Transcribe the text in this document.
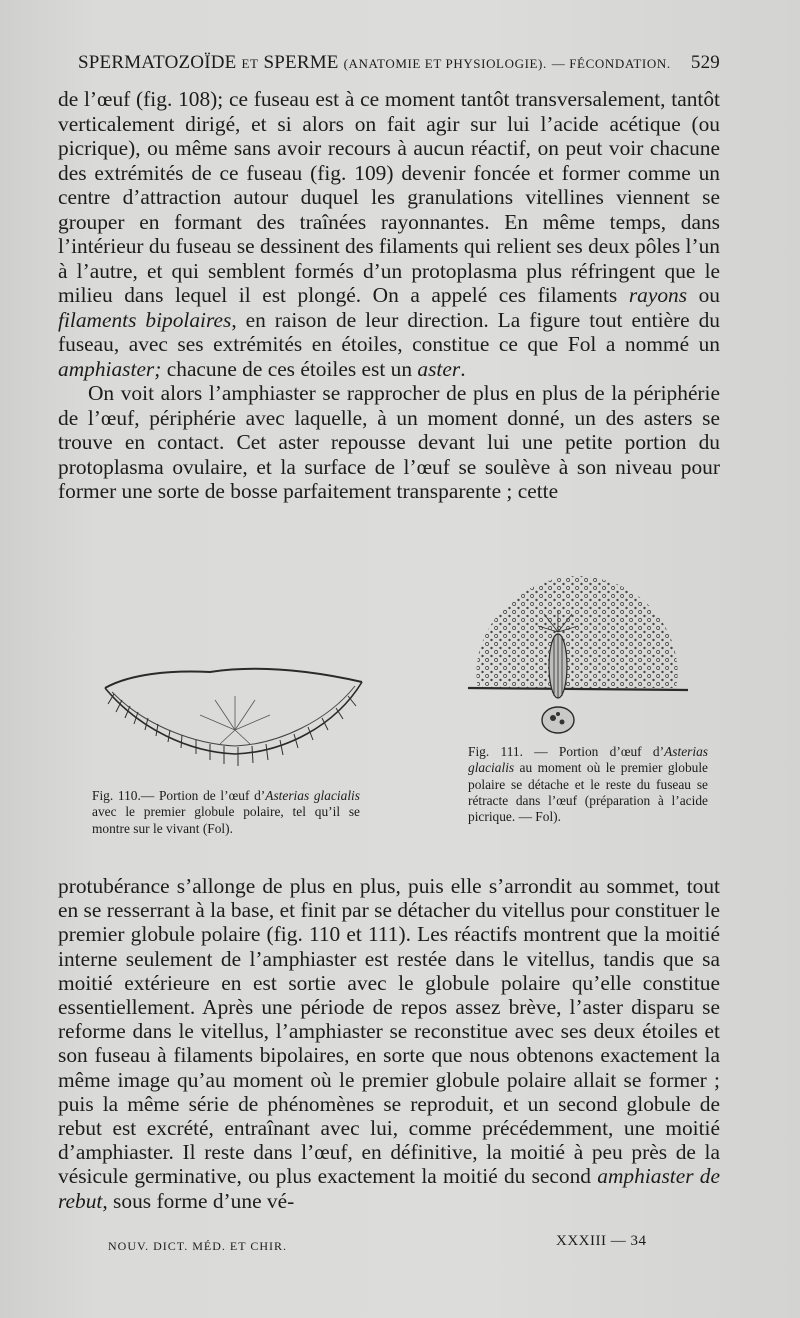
SPERMATOZOÏDE ET SPERME (ANATOMIE ET PHYSIOLOGIE). — FÉCONDATION. 529

de l’œuf (fig. 108); ce fuseau est à ce moment tantôt transversalement, tantôt verticalement dirigé, et si alors on fait agir sur lui l’acide acétique (ou picrique), ou même sans avoir recours à aucun réactif, on peut voir chacune des extrémités de ce fuseau (fig. 109) devenir foncée et former comme un centre d’attraction autour duquel les granulations vitellines viennent se grouper en formant des traînées rayonnantes. En même temps, dans l’intérieur du fuseau se dessinent des filaments qui relient ses deux pôles l’un à l’autre, et qui semblent formés d’un protoplasma plus réfringent que le milieu dans lequel il est plongé. On a appelé ces filaments rayons ou filaments bipolaires, en raison de leur direction. La figure tout entière du fuseau, avec ses extrémités en étoiles, constitue ce que Fol a nommé un amphiaster; chacune de ces étoiles est un aster.

On voit alors l’amphiaster se rapprocher de plus en plus de la périphérie de l’œuf, périphérie avec laquelle, à un moment donné, un des asters se trouve en contact. Cet aster repousse devant lui une petite portion du protoplasma ovulaire, et la surface de l’œuf se soulève à son niveau pour former une sorte de bosse parfaitement transparente ; cette

Fig. 110.— Portion de l’œuf d’Asterias glacialis avec le premier globule polaire, tel qu’il se montre sur le vivant (Fol).
Fig. 111. — Portion d’œuf d’Asterias glacialis au moment où le premier globule polaire se détache et le reste du fuseau se rétracte dans l’œuf (préparation à l’acide picrique. — Fol).

protubérance s’allonge de plus en plus, puis elle s’arrondit au sommet, tout en se resserrant à la base, et finit par se détacher du vitellus pour constituer le premier globule polaire (fig. 110 et 111). Les réactifs montrent que la moitié interne seulement de l’amphiaster est restée dans le vitellus, tandis que sa moitié extérieure en est sortie avec le globule polaire qu’elle constitue essentiellement. Après une période de repos assez brève, l’aster disparu se reforme dans le vitellus, l’amphiaster se reconstitue avec ses deux étoiles et son fuseau à filaments bipolaires, en sorte que nous obtenons exactement la même image qu’au moment où le premier globule polaire allait se former ; puis la même série de phénomènes se reproduit, et un second globule de rebut est excrété, entraînant avec lui, comme précédemment, une moitié d’amphiaster. Il reste dans l’œuf, en définitive, la moitié à peu près de la vésicule germinative, ou plus exactement la moitié du second amphiaster de rebut, sous forme d’une vé-

NOUV. DICT. MÉD. ET CHIR.	XXXIII — 34
